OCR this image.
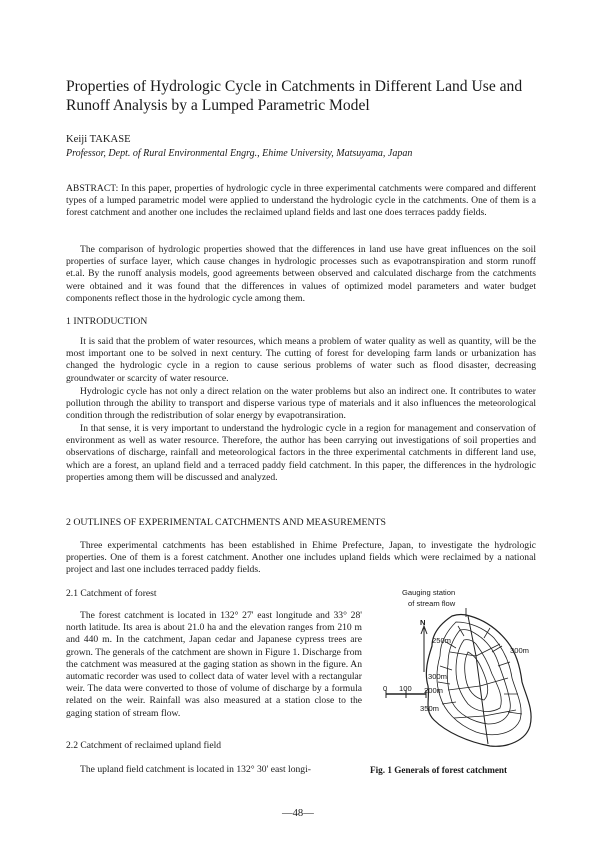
Properties of Hydrologic Cycle in Catchments in Different Land Use and
Runoff Analysis by a Lumped Parametric Model
Keiji TAKASE
Professor, Dept. of Rural Environmental Engrg., Ehime University, Matsuyama, Japan
ABSTRACT: In this paper, properties of hydrologic cycle in three experimental catchments were compared and different types of a lumped parametric model were applied to understand the hydrologic cycle in the catchments. One of them is a forest catchment and another one includes the reclaimed upland fields and last one does terraces paddy fields.
The comparison of hydrologic properties showed that the differences in land use have great influences on the soil properties of surface layer, which cause changes in hydrologic processes such as evapotranspiration and storm runoff et.al. By the runoff analysis models, good agreements between observed and calculated discharge from the catchments were obtained and it was found that the differences in values of optimized model parameters and water budget components reflect those in the hydrologic cycle among them.
1 INTRODUCTION
It is said that the problem of water resources, which means a problem of water quality as well as quantity, will be the most important one to be solved in next century. The cutting of forest for developing farm lands or urbanization has changed the hydrologic cycle in a region to cause serious problems of water such as flood disaster, decreasing groundwater or scarcity of water resource.
Hydrologic cycle has not only a direct relation on the water problems but also an indirect one. It contributes to water pollution through the ability to transport and disperse various type of materials and it also influences the meteorological condition through the redistribution of solar energy by evapotransiration.
In that sense, it is very important to understand the hydrologic cycle in a region for management and conservation of environment as well as water resource. Therefore, the author has been carrying out investigations of soil properties and observations of discharge, rainfall and meteorological factors in the three experimental catchments in different land use, which are a forest, an upland field and a terraced paddy field catchment. In this paper, the differences in the hydrologic properties among them will be discussed and analyzed.
2 OUTLINES OF EXPERIMENTAL CATCHMENTS AND MEASUREMENTS
Three experimental catchments has been established in Ehime Prefecture, Japan, to investigate the hydrologic properties. One of them is a forest catchment. Another one includes upland fields which were reclaimed by a national project and last one includes terraced paddy fields.
2.1 Catchment of forest
The forest catchment is located in 132° 27' east longitude and 33° 28' north latitude. Its area is about 21.0 ha and the elevation ranges from 210 m and 440 m. In the catchment, Japan cedar and Japanese cypress trees are grown. The generals of the catchment are shown in Figure 1. Discharge from the catchment was measured at the gaging station as shown in the figure. An automatic recorder was used to collect data of water level with a rectangular weir. The data were converted to those of volume of discharge by a formula related on the weir. Rainfall was also measured at a station close to the gaging station of stream flow.
2.2 Catchment of reclaimed upland field
The upland field catchment is located in 132° 30' east longi-
Gauging station
of stream flow
N
250m
300m
300m
200m
350m
0 100
Fig. 1 Generals of forest catchment
—48—
